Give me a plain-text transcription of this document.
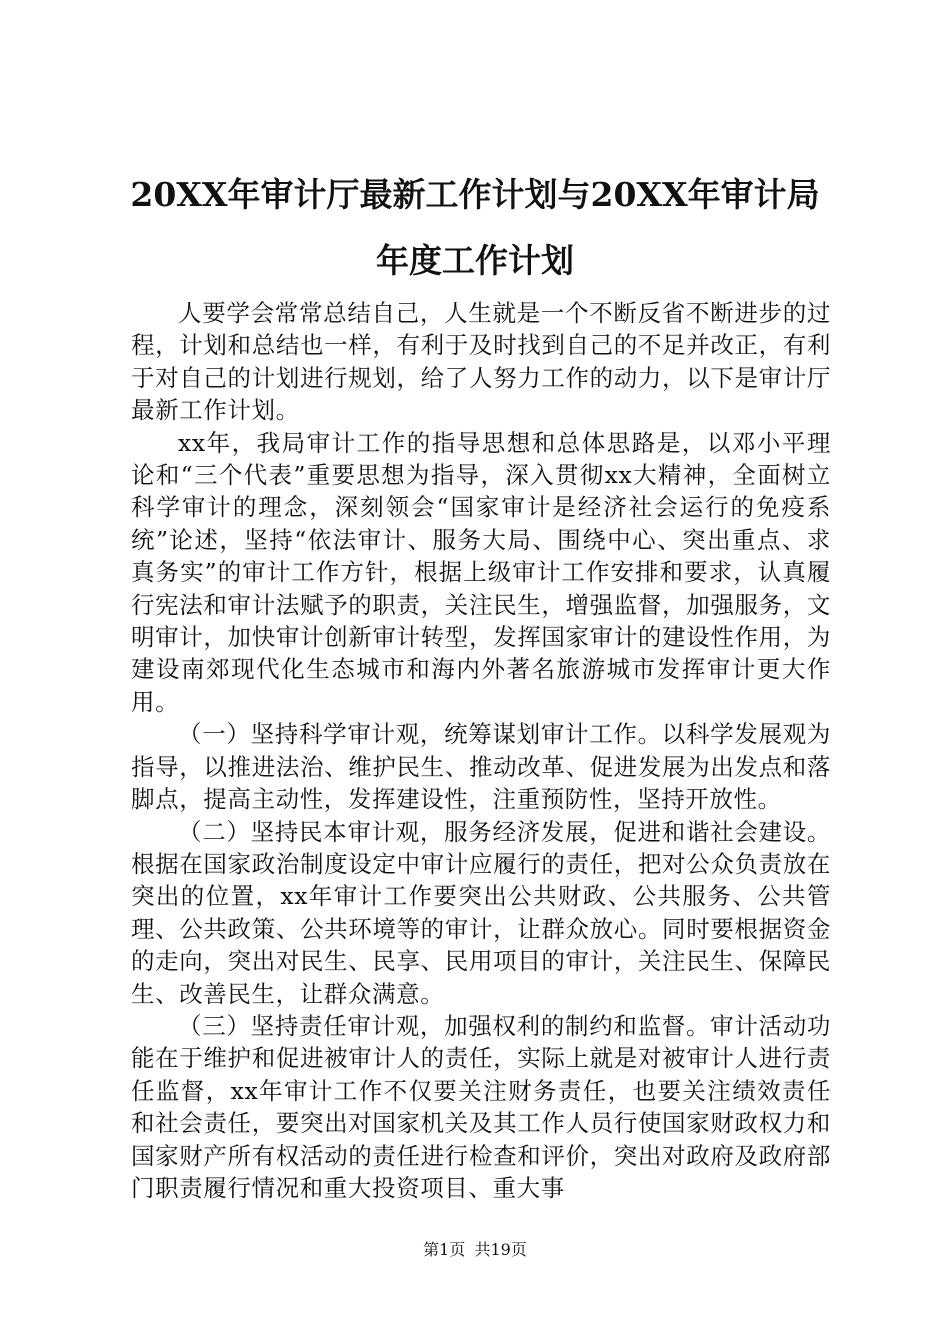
20XX年审计厅最新工作计划与20XX年审计局
年度工作计划

人要学会常常总结自己，人生就是一个不断反省不断进步的过程，计划和总结也一样，有利于及时找到自己的不足并改正，有利于对自己的计划进行规划，给了人努力工作的动力，以下是审计厅最新工作计划。

xx年，我局审计工作的指导思想和总体思路是，以邓小平理论和“三个代表”重要思想为指导，深入贯彻xx大精神，全面树立科学审计的理念，深刻领会“国家审计是经济社会运行的免疫系统”论述，坚持“依法审计、服务大局、围绕中心、突出重点、求真务实”的审计工作方针，根据上级审计工作安排和要求，认真履行宪法和审计法赋予的职责，关注民生，增强监督，加强服务，文明审计，加快审计创新审计转型，发挥国家审计的建设性作用，为建设南郊现代化生态城市和海内外著名旅游城市发挥审计更大作用。

（一）坚持科学审计观，统筹谋划审计工作。以科学发展观为指导，以推进法治、维护民生、推动改革、促进发展为出发点和落脚点，提高主动性，发挥建设性，注重预防性，坚持开放性。

（二）坚持民本审计观，服务经济发展，促进和谐社会建设。根据在国家政治制度设定中审计应履行的责任，把对公众负责放在突出的位置，xx年审计工作要突出公共财政、公共服务、公共管理、公共政策、公共环境等的审计，让群众放心。同时要根据资金的走向，突出对民生、民享、民用项目的审计，关注民生、保障民生、改善民生，让群众满意。

（三）坚持责任审计观，加强权利的制约和监督。审计活动功能在于维护和促进被审计人的责任，实际上就是对被审计人进行责任监督，xx年审计工作不仅要关注财务责任，也要关注绩效责任和社会责任，要突出对国家机关及其工作人员行使国家财政权力和国家财产所有权活动的责任进行检查和评价，突出对政府及政府部门职责履行情况和重大投资项目、重大事

第1页 共19页
